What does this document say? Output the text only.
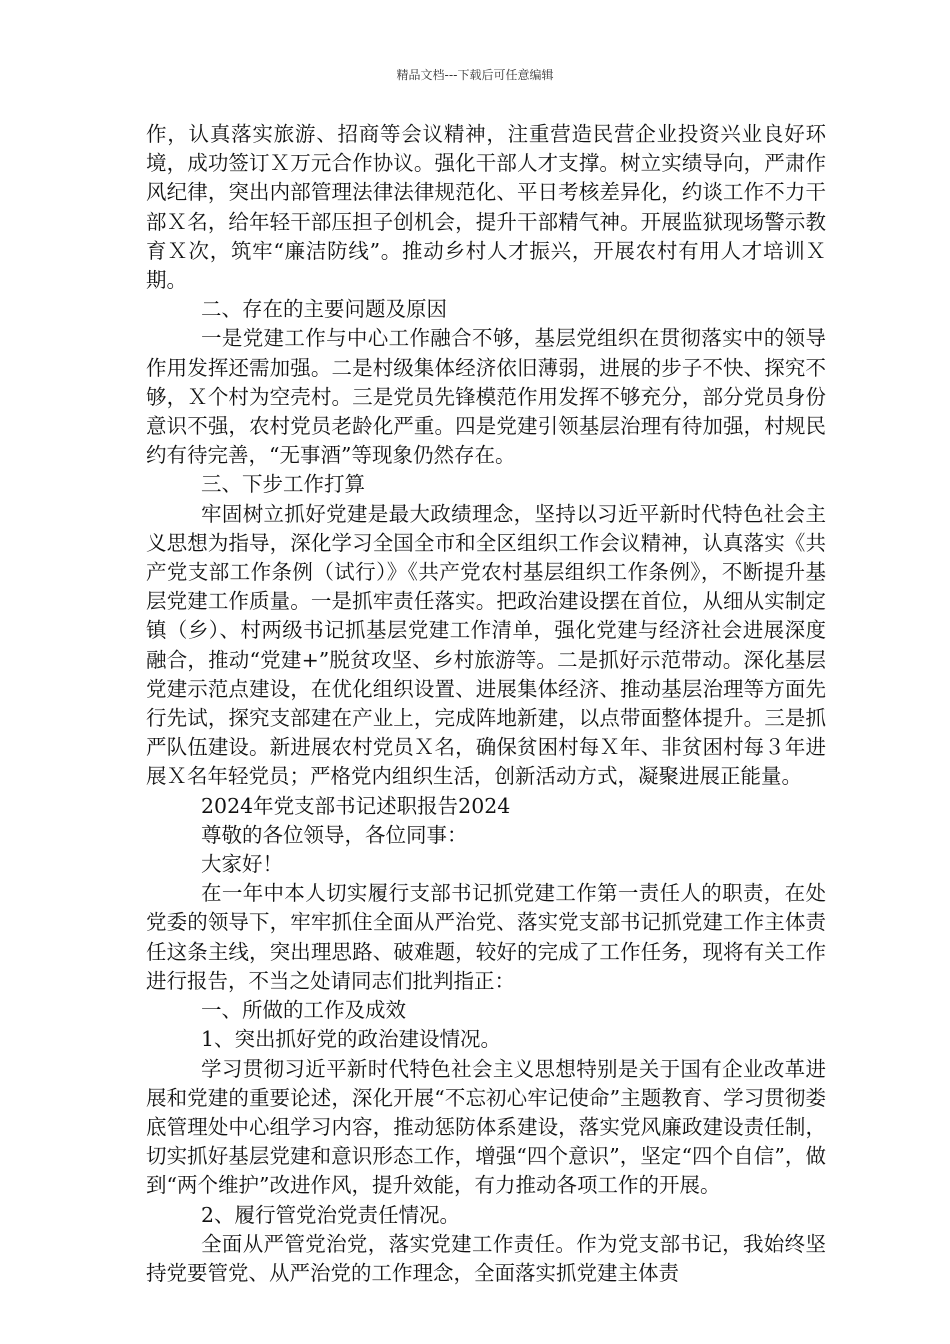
精品文档---下载后可任意编辑

作，认真落实旅游、招商等会议精神，注重营造民营企业投资兴业良好环境，成功签订Ｘ万元合作协议。强化干部人才支撑。树立实绩导向，严肃作风纪律，突出内部管理法律法律规范化、平日考核差异化，约谈工作不力干部Ｘ名，给年轻干部压担子创机会，提升干部精气神。开展监狱现场警示教育Ｘ次，筑牢“廉洁防线”。推动乡村人才振兴，开展农村有用人才培训Ｘ期。

二、存在的主要问题及原因

一是党建工作与中心工作融合不够，基层党组织在贯彻落实中的领导作用发挥还需加强。二是村级集体经济依旧薄弱，进展的步子不快、探究不够，Ｘ个村为空壳村。三是党员先锋模范作用发挥不够充分，部分党员身份意识不强，农村党员老龄化严重。四是党建引领基层治理有待加强，村规民约有待完善，“无事酒”等现象仍然存在。

三、下步工作打算

牢固树立抓好党建是最大政绩理念，坚持以习近平新时代特色社会主义思想为指导，深化学习全国全市和全区组织工作会议精神，认真落实《共产党支部工作条例（试行）》《共产党农村基层组织工作条例》，不断提升基层党建工作质量。一是抓牢责任落实。把政治建设摆在首位，从细从实制定镇（乡）、村两级书记抓基层党建工作清单，强化党建与经济社会进展深度融合，推动“党建+”脱贫攻坚、乡村旅游等。二是抓好示范带动。深化基层党建示范点建设，在优化组织设置、进展集体经济、推动基层治理等方面先行先试，探究支部建在产业上，完成阵地新建，以点带面整体提升。三是抓严队伍建设。新进展农村党员Ｘ名，确保贫困村每Ｘ年、非贫困村每３年进展Ｘ名年轻党员；严格党内组织生活，创新活动方式，凝聚进展正能量。

2024年党支部书记述职报告2024

尊敬的各位领导，各位同事：

大家好！

在一年中本人切实履行支部书记抓党建工作第一责任人的职责，在处党委的领导下，牢牢抓住全面从严治党、落实党支部书记抓党建工作主体责任这条主线，突出理思路、破难题，较好的完成了工作任务，现将有关工作进行报告，不当之处请同志们批判指正：

一、所做的工作及成效

1、突出抓好党的政治建设情况。

学习贯彻习近平新时代特色社会主义思想特别是关于国有企业改革进展和党建的重要论述，深化开展“不忘初心牢记使命”主题教育、学习贯彻娄底管理处中心组学习内容，推动惩防体系建设，落实党风廉政建设责任制，切实抓好基层党建和意识形态工作，增强“四个意识”，坚定“四个自信”，做到“两个维护”改进作风，提升效能，有力推动各项工作的开展。

2、履行管党治党责任情况。

全面从严管党治党，落实党建工作责任。作为党支部书记，我始终坚持党要管党、从严治党的工作理念，全面落实抓党建主体责
